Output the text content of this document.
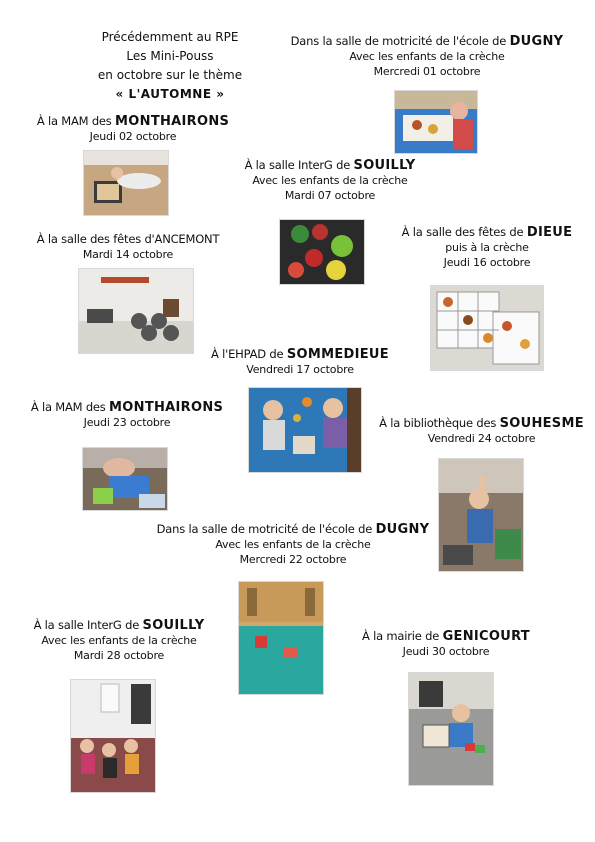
Précédemment au RPE
Les Mini-Pouss
en octobre sur le thème
« L'AUTOMNE »
Dans la salle de motricité de l'école de DUGNY
Avec les enfants de la crèche
Mercredi 01 octobre
À la MAM des MONTHAIRONS
Jeudi 02 octobre
À la salle InterG de SOUILLY
Avec les enfants de la crèche
Mardi 07 octobre
À la salle des fêtes d'ANCEMONT
Mardi 14 octobre
À la salle des fêtes de DIEUE
puis à la crèche
Jeudi 16 octobre
À l'EHPAD de SOMMEDIEUE
Vendredi 17 octobre
À la MAM des MONTHAIRONS
Jeudi 23 octobre	À la bibliothèque des SOUHESME
Vendredi 24 octobre
Dans la salle de motricité de l'école de DUGNY
Avec les enfants de la crèche
Mercredi 22 octobre
À la salle InterG de SOUILLY
Avec les enfants de la crèche
Mardi 28 octobre
À la mairie de GENICOURT
Jeudi 30 octobre
